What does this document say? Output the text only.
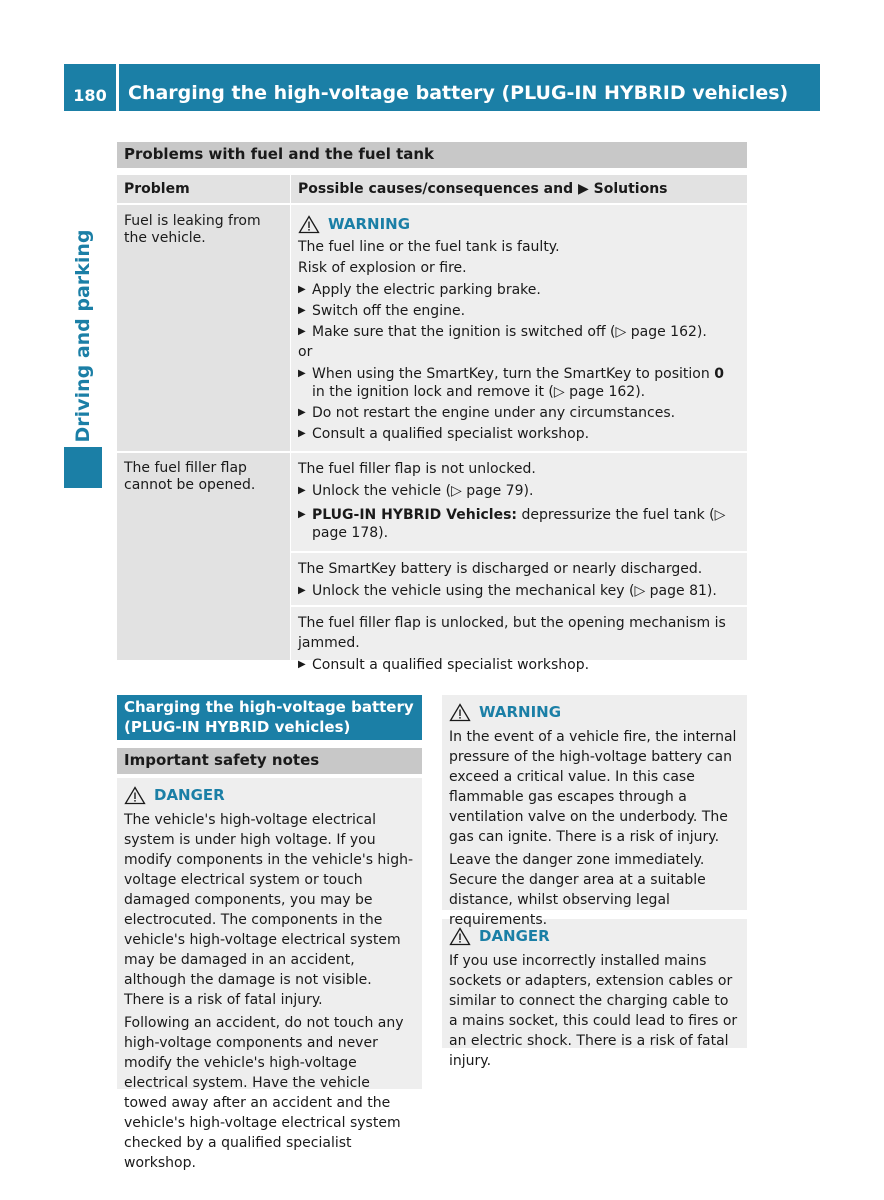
180	Charging the high-voltage battery (PLUG-IN HYBRID vehicles)
Driving and parking
Problems with fuel and the fuel tank
Problem	Possible causes/consequences and ▶ Solutions
Fuel is leaking from the vehicle.
WARNING
The fuel line or the fuel tank is faulty.
Risk of explosion or fire.
▶ Apply the electric parking brake.
▶ Switch off the engine.
▶ Make sure that the ignition is switched off (▷ page 162).
or
▶ When using the SmartKey, turn the SmartKey to position 0 in the ignition lock and remove it (▷ page 162).
▶ Do not restart the engine under any circumstances.
▶ Consult a qualified specialist workshop.
The fuel filler flap cannot be opened.
The fuel filler flap is not unlocked.
▶ Unlock the vehicle (▷ page 79).
▶ PLUG-IN HYBRID Vehicles: depressurize the fuel tank (▷ page 178).
The SmartKey battery is discharged or nearly discharged.
▶ Unlock the vehicle using the mechanical key (▷ page 81).
The fuel filler flap is unlocked, but the opening mechanism is jammed.
▶ Consult a qualified specialist workshop.
Charging the high-voltage battery (PLUG-IN HYBRID vehicles)
Important safety notes
DANGER

The vehicle's high-voltage electrical system is under high voltage. If you modify components in the vehicle's high-voltage electrical system or touch damaged components, you may be electrocuted. The components in the vehicle's high-voltage electrical system may be damaged in an accident, although the damage is not visible. There is a risk of fatal injury.

Following an accident, do not touch any high-voltage components and never modify the vehicle's high-voltage electrical system. Have the vehicle towed away after an accident and the vehicle's high-voltage electrical system checked by a qualified specialist workshop.

WARNING

In the event of a vehicle fire, the internal pressure of the high-voltage battery can exceed a critical value. In this case flammable gas escapes through a ventilation valve on the underbody. The gas can ignite. There is a risk of injury.

Leave the danger zone immediately. Secure the danger area at a suitable distance, whilst observing legal requirements.

DANGER

If you use incorrectly installed mains sockets or adapters, extension cables or similar to connect the charging cable to a mains socket, this could lead to fires or an electric shock. There is a risk of fatal injury.
